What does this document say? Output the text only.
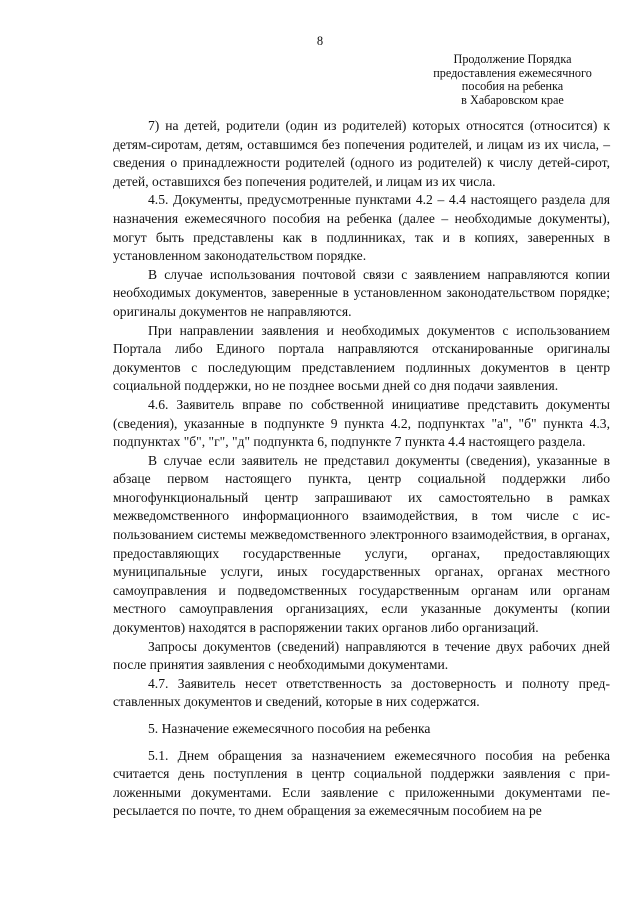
8
Продолжение Порядка
предоставления ежемесячного
пособия на ребенка
в Хабаровском крае

7) на детей, родители (один из родителей) которых относятся (относится) к детям-сиротам, детям, оставшимся без попечения родителей, и лицам из их числа, – сведения о принадлежности родителей (одного из родителей) к числу детей-сирот, детей, оставшихся без попечения родителей, и лицам из их числа.

4.5. Документы, предусмотренные пунктами 4.2 – 4.4 настоящего раздела для назначения ежемесячного пособия на ребенка (далее – необходимые документы), могут быть представлены как в подлинниках, так и в копиях, заверенных в установленном законодательством порядке.

В случае использования почтовой связи с заявлением направляются копии необходимых документов, заверенные в установленном законодательством порядке; оригиналы документов не направляются.

При направлении заявления и необходимых документов с использованием Портала либо Единого портала направляются отсканированные оригиналы документов с последующим представлением подлинных документов в центр социальной поддержки, но не позднее восьми дней со дня подачи заявления.

4.6. Заявитель вправе по собственной инициативе представить документы (сведения), указанные в подпункте 9 пункта 4.2, подпунктах "а", "б" пункта 4.3, подпунктах "б", "г", "д" подпункта 6, подпункте 7 пункта 4.4 настоящего раздела.

В случае если заявитель не представил документы (сведения), указанные в абзаце первом настоящего пункта, центр социальной поддержки либо многофункциональный центр запрашивают их самостоятельно в рамках межведомственного информационного взаимодействия, в том числе с использованием системы межведомственного электронного взаимодействия, в органах, предоставляющих государственные услуги, органах, предоставляющих муниципальные услуги, иных государственных органах, органах местного самоуправления и подведомственных государственным органам или органам местного самоуправления организациях, если указанные документы (копии документов) находятся в распоряжении таких органов либо организаций.

Запросы документов (сведений) направляются в течение двух рабочих дней после принятия заявления с необходимыми документами.

4.7. Заявитель несет ответственность за достоверность и полноту представленных документов и сведений, которые в них содержатся.

5. Назначение ежемесячного пособия на ребенка

5.1. Днем обращения за назначением ежемесячного пособия на ребенка считается день поступления в центр социальной поддержки заявления с приложенными документами. Если заявление с приложенными документами пересылается по почте, то днем обращения за ежемесячным пособием на ре
